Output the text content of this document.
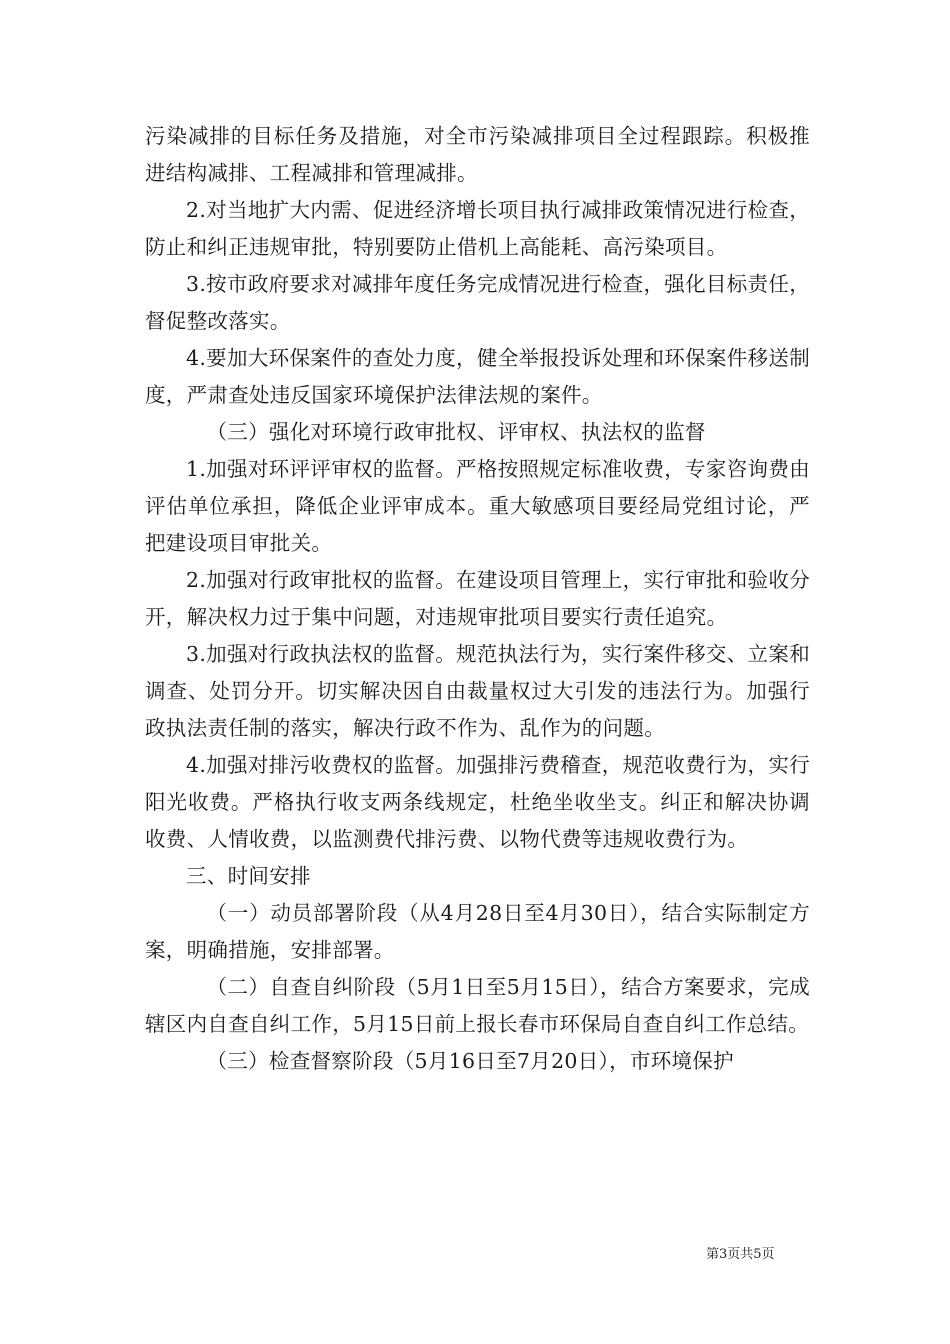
污染减排的目标任务及措施，对全市污染减排项目全过程跟踪。积极推进结构减排、工程减排和管理减排。

2.对当地扩大内需、促进经济增长项目执行减排政策情况进行检查，防止和纠正违规审批，特别要防止借机上高能耗、高污染项目。

3.按市政府要求对减排年度任务完成情况进行检查，强化目标责任，督促整改落实。

4.要加大环保案件的查处力度，健全举报投诉处理和环保案件移送制度，严肃查处违反国家环境保护法律法规的案件。

（三）强化对环境行政审批权、评审权、执法权的监督

1.加强对环评评审权的监督。严格按照规定标准收费，专家咨询费由评估单位承担，降低企业评审成本。重大敏感项目要经局党组讨论，严把建设项目审批关。

2.加强对行政审批权的监督。在建设项目管理上，实行审批和验收分开，解决权力过于集中问题，对违规审批项目要实行责任追究。

3.加强对行政执法权的监督。规范执法行为，实行案件移交、立案和调查、处罚分开。切实解决因自由裁量权过大引发的违法行为。加强行政执法责任制的落实，解决行政不作为、乱作为的问题。

4.加强对排污收费权的监督。加强排污费稽查，规范收费行为，实行阳光收费。严格执行收支两条线规定，杜绝坐收坐支。纠正和解决协调收费、人情收费，以监测费代排污费、以物代费等违规收费行为。

三、时间安排

（一）动员部署阶段（从4月28日至4月30日），结合实际制定方案，明确措施，安排部署。

（二）自查自纠阶段（5月1日至5月15日），结合方案要求，完成辖区内自查自纠工作，5月15日前上报长春市环保局自查自纠工作总结。

（三）检查督察阶段（5月16日至7月20日），市环境保护

第3页共5页
